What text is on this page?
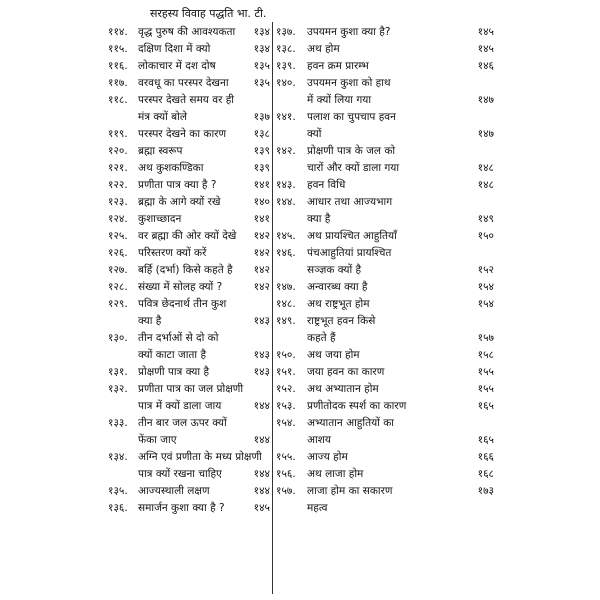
सरहस्य विवाह पद्धति भा. टी.
११४. वृद्ध पुरुष की आवश्यकता १३४
११५. दक्षिण दिशा में क्यो	१३४
११६. लोकाचार में दश दोष	१३५
११७. वरवधू का परस्पर देखना १३५
११८. परस्पर देखते समय वर ही
मंत्र क्यों बोले	१३७
११९. परस्पर देखने का कारण	१३८
१२०. ब्रह्मा स्वरूप	१३९
१२१. अथ कुशकण्डिका	१३९
१२२. प्रणीता पात्र क्या है ?	१४१
१२३. ब्रह्मा के आगे क्यों रखे	१४०
१२४. कुशाच्छादन	१४१
१२५. वर ब्रह्मा की ओर क्यों देखे १४२
१२६. परिस्तरण क्यों करें	१४२
१२७. बर्हि (दर्भा) किसे कहते है १४२
१२८. संख्या में सोलह क्यों ?	१४२
१२९. पवित्र छेदनार्थ तीन कुश
क्या है	१४३
१३०. तीन दर्भाओं से दो को
क्यों काटा जाता है	१४३
१३१. प्रोक्षणी पात्र क्या है	१४३
१३२. प्रणीता पात्र का जल प्रोक्षणी
पात्र में क्यों डाला जाय	१४४
१३३. तीन बार जल ऊपर क्यों
फेंका जाए	१४४
१३४. अग्नि एवं प्रणीता के मध्य प्रोक्षणी
पात्र क्यों रखना चाहिए	१४४
१३५. आज्यस्थाली लक्षण	१४४
१३६. समार्जन कुशा क्या है ?	१४५
१३७. उपयमन कुशा क्या है?	१४५
१३८. अथ होम	१४५
१३९. हवन क्रम प्रारम्भ	१४६
१४०. उपयमन कुशा को हाथ
में क्यों लिया गया	१४७
१४१. पलाश का चुपचाप हवन
क्यों	१४७
१४२. प्रोक्षणी पात्र के जल को
चारों और क्यों डाला गया	१४८
१४३. हवन विधि	१४८
१४४. आधार तथा आज्यभाग
क्या है	१४९
१४५. अथ प्रायश्चित आहुतियाँ	१५०
१४६. पंचआहुतियां प्रायश्चित
सञ्ज्ञक क्यों है	१५२
१४७. अन्वारब्ध क्या है	१५४
१४८. अथ राष्ट्रभूत होम	१५४
१४९. राष्ट्रभूत हवन किसे
कहते हैं	१५७
१५०. अथ जया होम	१५८
१५१. जया हवन का कारण	१५५
१५२. अथ अभ्यातान होम	१५५
१५३. प्रणीतोदक स्पर्श का कारण	१६५
१५४. अभ्यातान आहुतियों का
आशय	१६५
१५५. आज्य होम	१६६
१५६. अथ लाजा होम	१६८
१५७. लाजा होम का सकारण	१७३
महत्व
